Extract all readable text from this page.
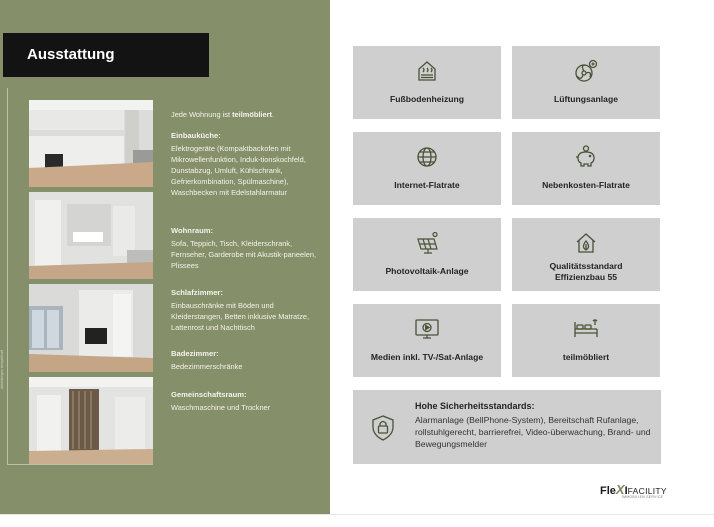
Ausstattung
Abbildungen beispielhaft
Jede Wohnung ist teilmöbliert.
Einbauküche:
Elektrogeräte (Kompaktbackofen mit Mikrowellenfunktion, Induk-tionskochfeld, Dunstabzug, Umluft, Kühlschrank, Gefrierkombination, Spülmaschine), Waschbecken mit Edelstahlarmatur
Wohnraum:
Sofa, Teppich, Tisch, Kleiderschrank, Fernseher, Garderobe mit Akustik-paneelen, Plissees
Schlafzimmer:
Einbauschränke mit Böden und Kleiderstangen, Betten inklusive Matratze, Lattenrost und Nachttisch
Badezimmer:
Bedezimmerschränke
Gemeinschaftsraum:
Waschmaschine und Trockner
Fußbodenheizung	Lüftungsanlage
Internet-Flatrate	Nebenkosten-Flatrate
Photovoltaik-Anlage	Qualitätsstandard
Effizienzbau 55
Medien inkl. TV-/Sat-Anlage	teilmöbliert
Hohe Sicherheitsstandards:
Alarmanlage (BellPhone-System), Bereitschaft Rufanlage, rollstuhlgerecht, barrierefrei, Video-überwachung, Brand- und Bewegungsmelder
FleXIFACILITY
IMMOBILIEN SERVICE
